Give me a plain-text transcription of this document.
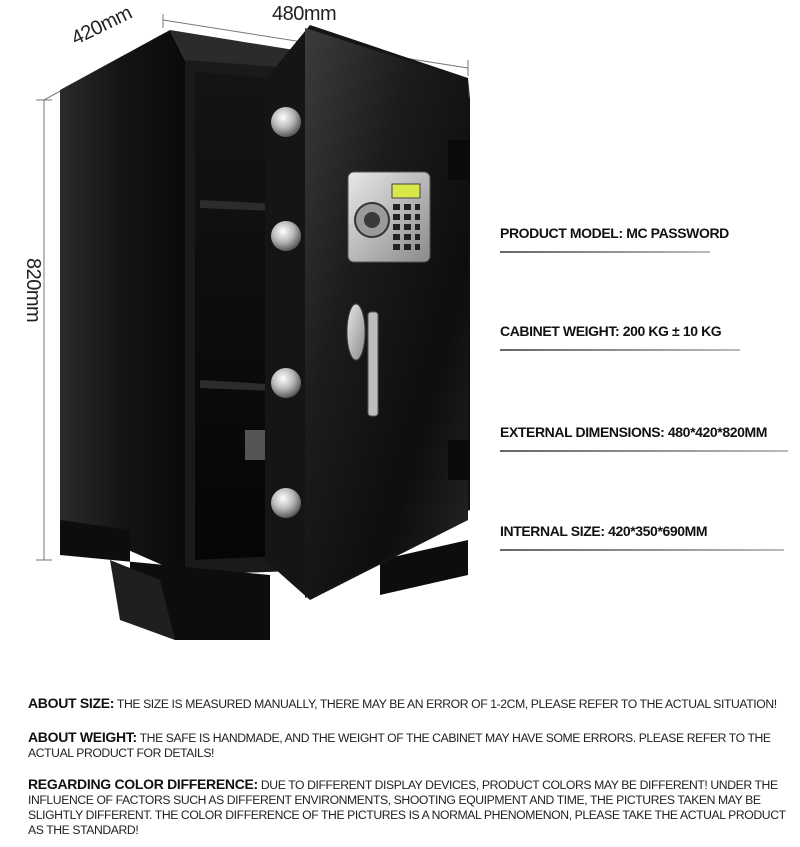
480mm
420mm
820mm
PRODUCT MODEL: MC PASSWORD
CABINET WEIGHT: 200 KG ± 10 KG
EXTERNAL DIMENSIONS: 480*420*820MM
INTERNAL SIZE: 420*350*690MM
ABOUT SIZE: THE SIZE IS MEASURED MANUALLY, THERE MAY BE AN ERROR OF 1-2CM, PLEASE REFER TO THE ACTUAL SITUATION!
ABOUT WEIGHT: THE SAFE IS HANDMADE, AND THE WEIGHT OF THE CABINET MAY HAVE SOME ERRORS. PLEASE REFER TO THE ACTUAL PRODUCT FOR DETAILS!
REGARDING COLOR DIFFERENCE: DUE TO DIFFERENT DISPLAY DEVICES, PRODUCT COLORS MAY BE DIFFERENT! UNDER THE INFLUENCE OF FACTORS SUCH AS DIFFERENT ENVIRONMENTS, SHOOTING EQUIPMENT AND TIME, THE PICTURES TAKEN MAY BE SLIGHTLY DIFFERENT. THE COLOR DIFFERENCE OF THE PICTURES IS A NORMAL PHENOMENON, PLEASE TAKE THE ACTUAL PRODUCT AS THE STANDARD!
